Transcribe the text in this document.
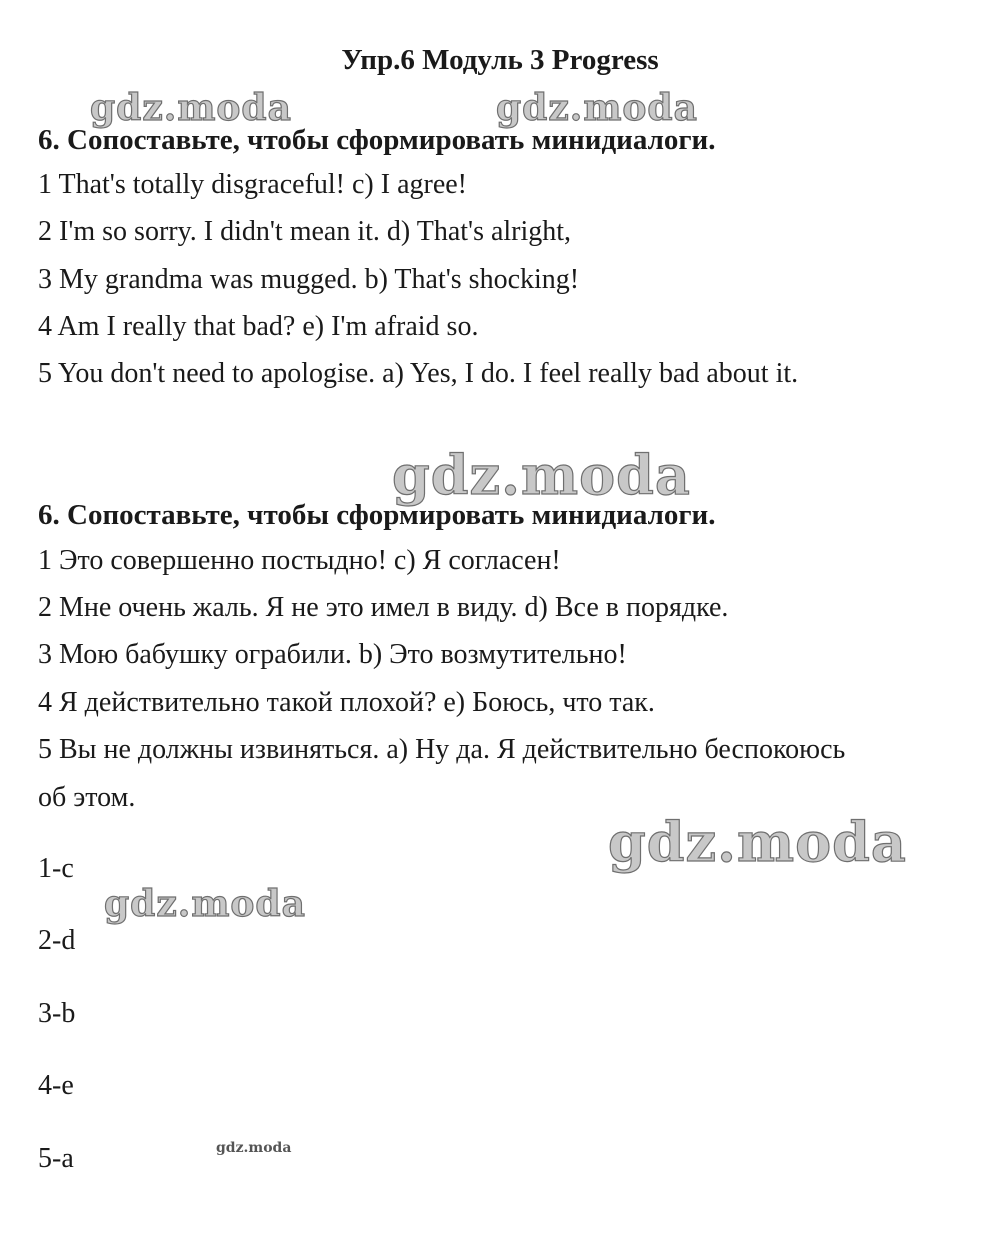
Упр.6 Модуль 3 Progress
gdz.moda	gdz.moda
gdz.moda
gdz.moda
gdz.moda
gdz.moda
6. Сопоставьте, чтобы сформировать минидиалоги.

1 That's totally disgraceful! c) I agree!

2 I'm so sorry. I didn't mean it. d) That's alright,

3 My grandma was mugged. b) That's shocking!

4 Am I really that bad? e) I'm afraid so.

5 You don't need to apologise. a) Yes, I do. I feel really bad about it.

6. Сопоставьте, чтобы сформировать минидиалоги.

1 Это совершенно постыдно! c) Я согласен!

2 Мне очень жаль. Я не это имел в виду. d) Все в порядке.

3 Мою бабушку ограбили. b) Это возмутительно!

4 Я действительно такой плохой? e) Боюсь, что так.

5 Вы не должны извиняться. a) Ну да. Я действительно беспокоюсь

об этом.

1-c

2-d

3-b

4-e

5-a
